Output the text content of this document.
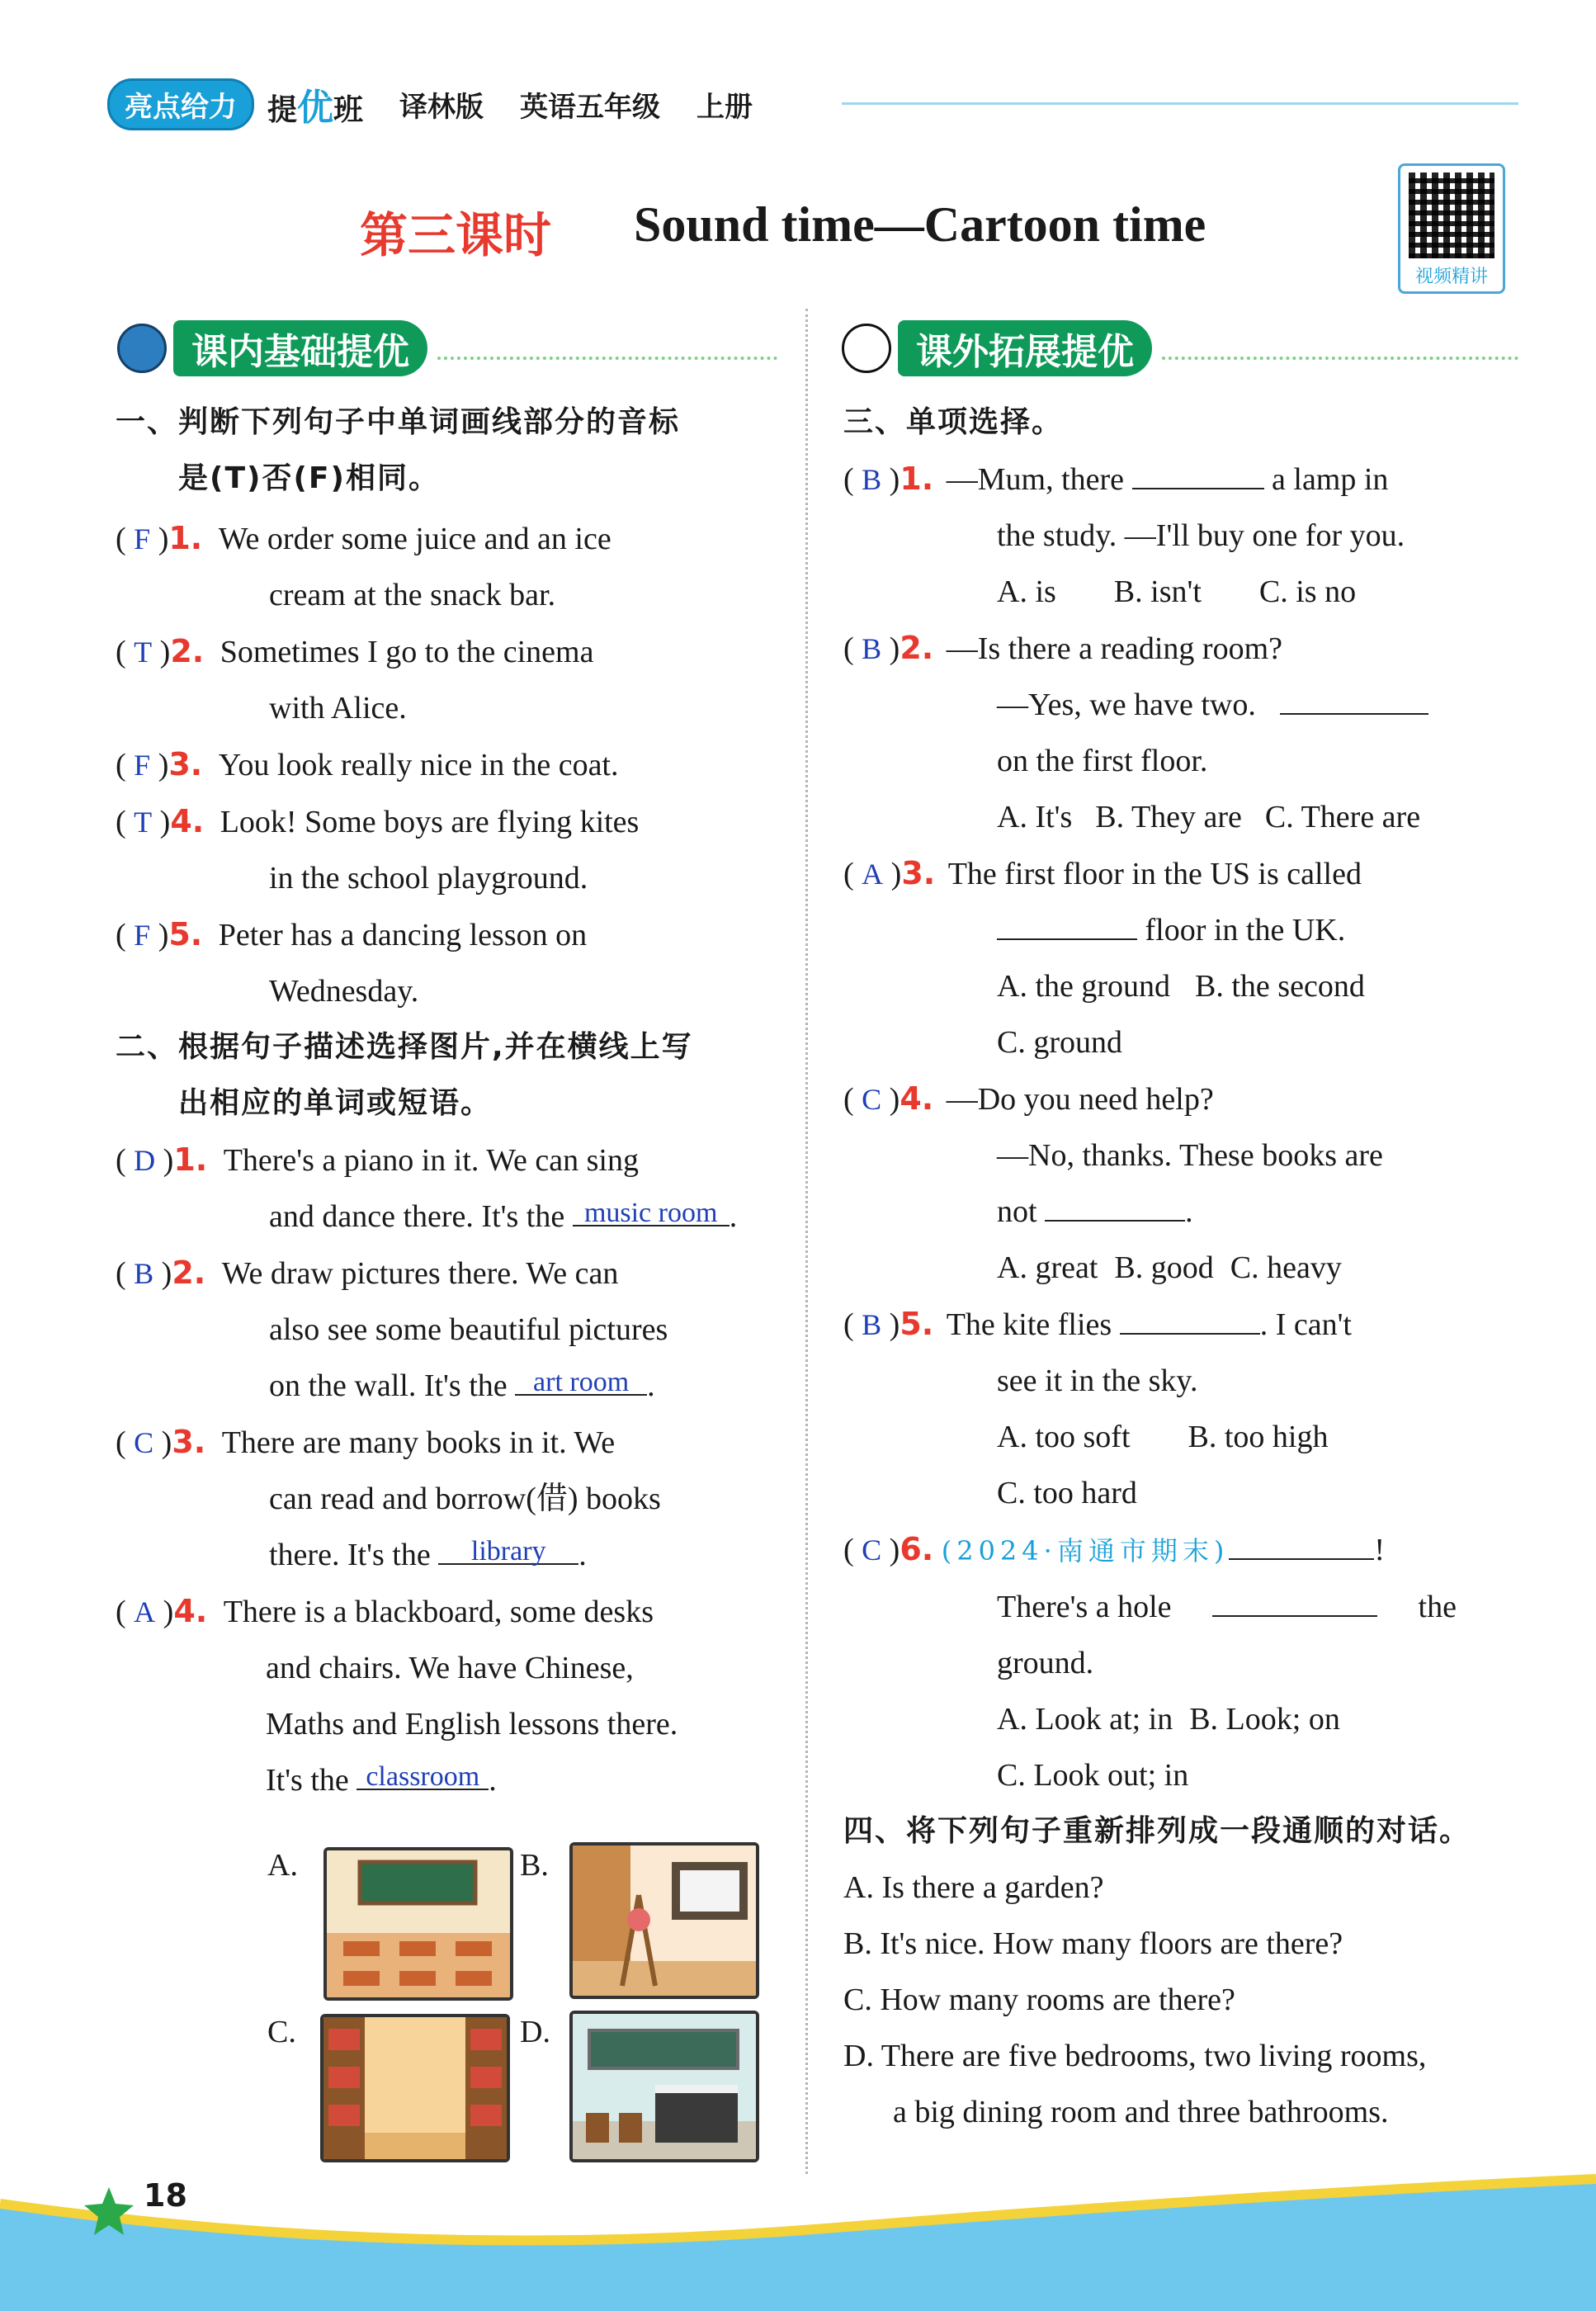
亮点给力	提优班 译林版 英语五年级 上册
第三课时 Sound time—Cartoon time
视频精讲
课内基础提优	课外拓展提优
一、判断下列句子中单词画线部分的音标
是(T)否(F)相同。
( F )1. We order some juice and an ice
cream at the snack bar.
( T )2. Sometimes I go to the cinema
with Alice.
( F )3. You look really nice in the coat.
( T )4. Look! Some boys are flying kites
in the school playground.
( F )5. Peter has a dancing lesson on
Wednesday.
二、根据句子描述选择图片,并在横线上写
出相应的单词或短语。
( D )1. There's a piano in it. We can sing
and dance there. It's the music room .
( B )2. We draw pictures there. We can
also see some beautiful pictures
on the wall. It's the art room .
( C )3. There are many books in it. We
can read and borrow(借) books
there. It's the library .
( A )4. There is a blackboard, some desks
and chairs. We have Chinese,
Maths and English lessons there.
It's the classroom .
A.	B.
C.	D.
三、单项选择。
( B )1. —Mum, there	a lamp in
the study. —I'll buy one for you.
A. is B. isn't C. is no
( B )2. —Is there a reading room?
—Yes, we have two.
on the first floor.
A. It's B. They are C. There are
( A )3. The first floor in the US is called
floor in the UK.
A. the ground B. the second
C. ground
( C )4. —Do you need help?
—No, thanks. These books are
not	.
A. great B. good C. heavy
( B )5. The kite flies	. I can't
see it in the sky.
A. too soft B. too high
C. too hard
( C )6. (2024·南通市期末)	!
There's a hole	the
ground.
A. Look at; in B. Look; on
C. Look out; in
四、将下列句子重新排列成一段通顺的对话。
A. Is there a garden?
B. It's nice. How many floors are there?
C. How many rooms are there?
D. There are five bedrooms, two living rooms,
a big dining room and three bathrooms.
18
